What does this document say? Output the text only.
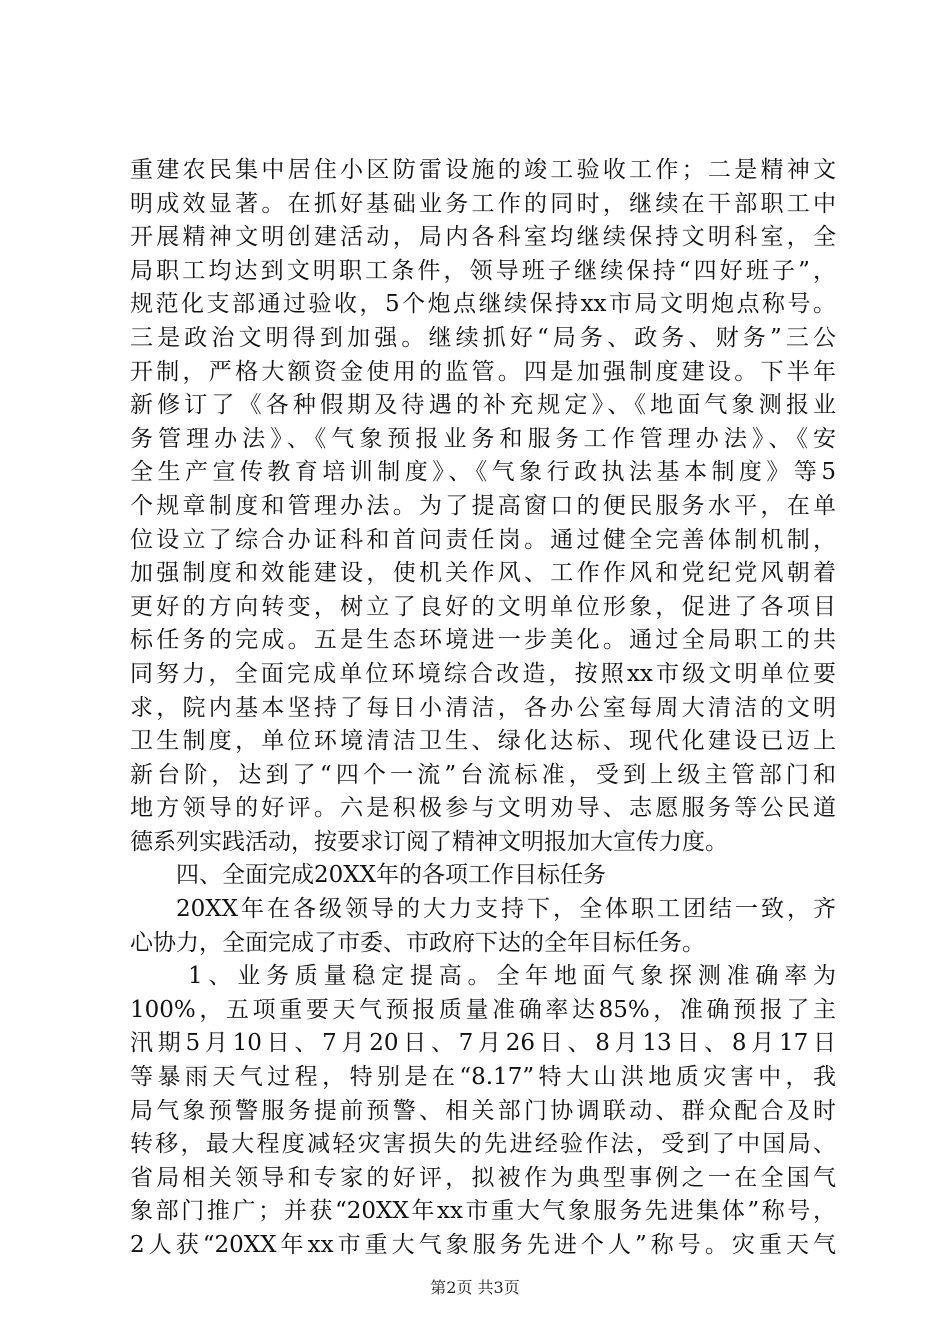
重建农民集中居住小区防雷设施的竣工验收工作；二是精神文
明成效显著。在抓好基础业务工作的同时，继续在干部职工中
开展精神文明创建活动，局内各科室均继续保持文明科室，全
局职工均达到文明职工条件，领导班子继续保持“四好班子”，
规范化支部通过验收，5个炮点继续保持xx市局文明炮点称号。
三是政治文明得到加强。继续抓好“局务、政务、财务”三公
开制，严格大额资金使用的监管。四是加强制度建设。下半年
新修订了《各种假期及待遇的补充规定》、《地面气象测报业
务管理办法》、《气象预报业务和服务工作管理办法》、《安
全生产宣传教育培训制度》、《气象行政执法基本制度》等5
个规章制度和管理办法。为了提高窗口的便民服务水平，在单
位设立了综合办证科和首问责任岗。通过健全完善体制机制，
加强制度和效能建设，使机关作风、工作作风和党纪党风朝着
更好的方向转变，树立了良好的文明单位形象，促进了各项目
标任务的完成。五是生态环境进一步美化。通过全局职工的共
同努力，全面完成单位环境综合改造，按照xx市级文明单位要
求，院内基本坚持了每日小清洁，各办公室每周大清洁的文明
卫生制度，单位环境清洁卫生、绿化达标、现代化建设已迈上
新台阶，达到了“四个一流”台流标准，受到上级主管部门和
地方领导的好评。六是积极参与文明劝导、志愿服务等公民道
德系列实践活动，按要求订阅了精神文明报加大宣传力度。
四、全面完成20XX年的各项工作目标任务
20XX年在各级领导的大力支持下，全体职工团结一致，齐
心协力，全面完成了市委、市政府下达的全年目标任务。
1、业务质量稳定提高。全年地面气象探测准确率为
100%，五项重要天气预报质量准确率达85%，准确预报了主
汛期5月10日、7月20日、7月26日、8月13日、8月17日
等暴雨天气过程，特别是在“8.17”特大山洪地质灾害中，我
局气象预警服务提前预警、相关部门协调联动、群众配合及时
转移，最大程度减轻灾害损失的先进经验作法，受到了中国局、
省局相关领导和专家的好评，拟被作为典型事例之一在全国气
象部门推广；并获“20XX年xx市重大气象服务先进集体”称号，
2人获“20XX年xx市重大气象服务先进个人”称号。灾重天气
第2页 共3页
